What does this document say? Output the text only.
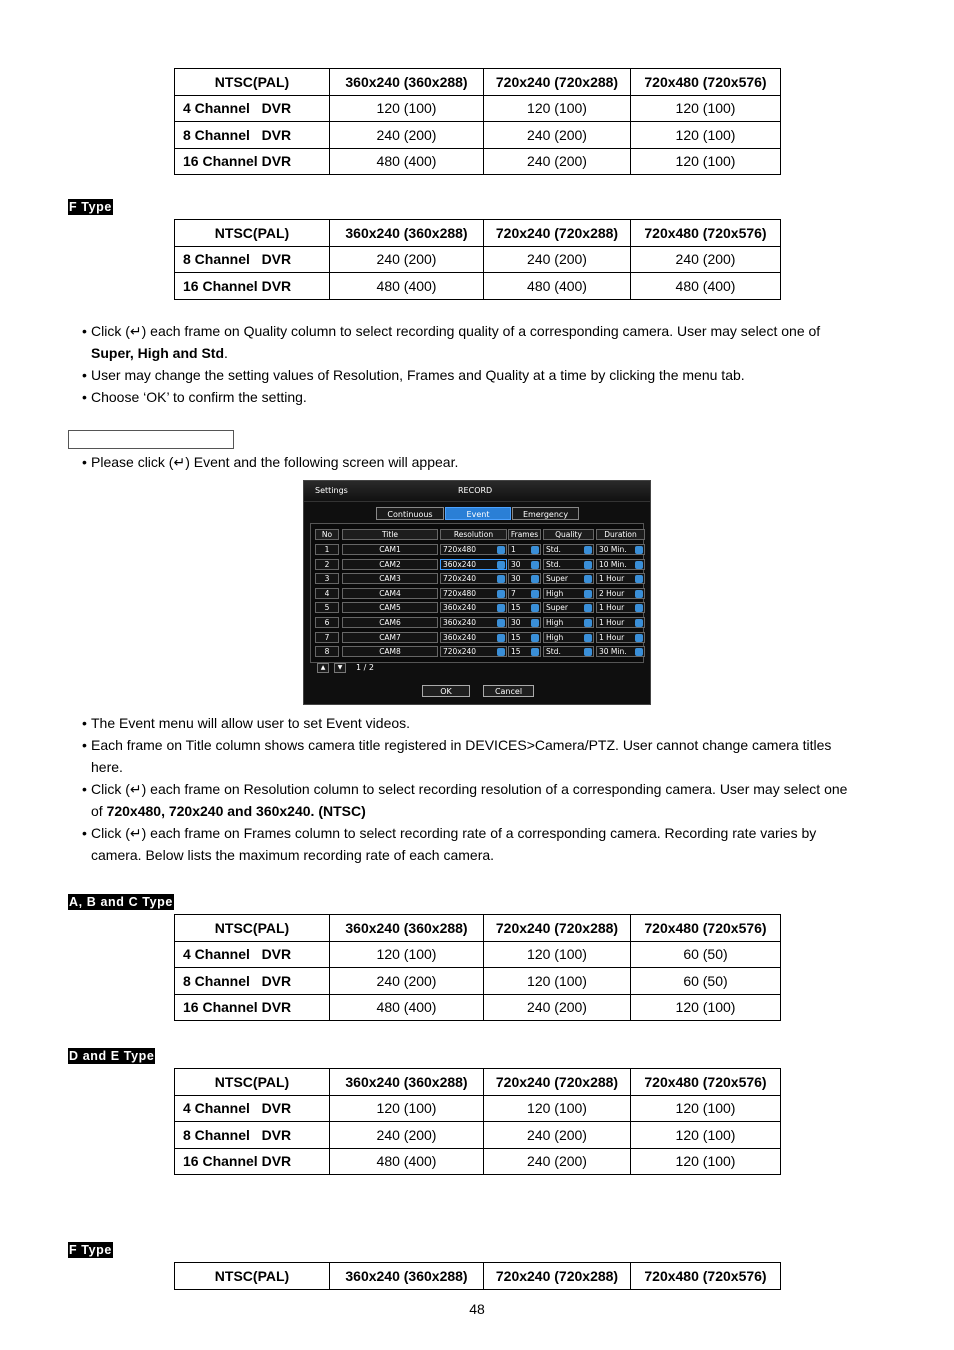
NTSC(PAL)	360x240 (360x288)	720x240 (720x288)	720x480 (720x576)
4 Channel   DVR	120 (100)	120 (100)	120 (100)
8 Channel   DVR	240 (200)	240 (200)	120 (100)
16 Channel DVR	480 (400)	240 (200)	120 (100)
F Type
NTSC(PAL)	360x240 (360x288)	720x240 (720x288)	720x480 (720x576)
8 Channel   DVR	240 (200)	240 (200)	240 (200)
16 Channel DVR	480 (400)	480 (400)	480 (400)
• Click (↵) each frame on Quality column to select recording quality of a corresponding camera. User may select one of
Super, High and Std.
• User may change the setting values of Resolution, Frames and Quality at a time by clicking the menu tab.
• Choose ‘OK’ to confirm the setting.
• Please click (↵) Event and the following screen will appear.
Settings	RECORD
Continuous	Event	Emergency
No	Title	Resolution	Frames	Quality	Duration
1	CAM1	720x480	1	Std.	30 Min.
2	CAM2	360x240	30	Std.	10 Min.
3	CAM3	720x240	30	Super	1 Hour
4	CAM4	720x480	7	High	2 Hour
5	CAM5	360x240	15	Super	1 Hour
6	CAM6	360x240	30	High	1 Hour
7	CAM7	360x240	15	High	1 Hour
8	CAM8	720x240	15	Std.	30 Min.
▲	▼	1 / 2
OK	Cancel
• The Event menu will allow user to set Event videos.
• Each frame on Title column shows camera title registered in DEVICES>Camera/PTZ. User cannot change camera titles
here.
• Click (↵) each frame on Resolution column to select recording resolution of a corresponding camera. User may select one
of 720x480, 720x240 and 360x240. (NTSC)
• Click (↵) each frame on Frames column to select recording rate of a corresponding camera. Recording rate varies by
camera. Below lists the maximum recording rate of each camera.
A, B and C Type
NTSC(PAL)	360x240 (360x288)	720x240 (720x288)	720x480 (720x576)
4 Channel   DVR	120 (100)	120 (100)	60 (50)
8 Channel   DVR	240 (200)	120 (100)	60 (50)
16 Channel DVR	480 (400)	240 (200)	120 (100)
D and E Type
NTSC(PAL)	360x240 (360x288)	720x240 (720x288)	720x480 (720x576)
4 Channel   DVR	120 (100)	120 (100)	120 (100)
8 Channel   DVR	240 (200)	240 (200)	120 (100)
16 Channel DVR	480 (400)	240 (200)	120 (100)
F Type
NTSC(PAL)	360x240 (360x288)	720x240 (720x288)	720x480 (720x576)
48
